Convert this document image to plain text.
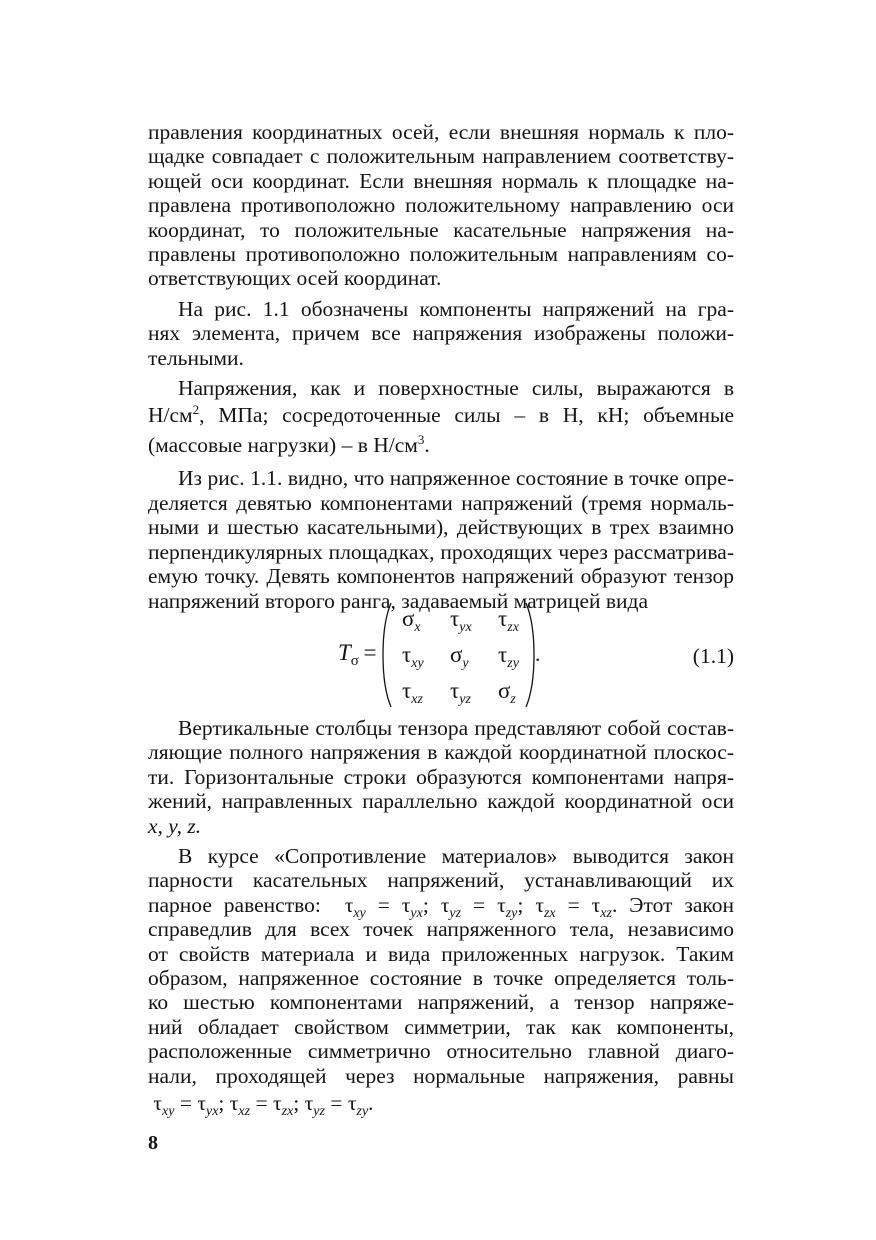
правления координатных осей, если внешняя нормаль к пло-
щадке совпадает с положительным направлением соответству-
ющей оси координат. Если внешняя нормаль к площадке на-
правлена противоположно положительному направлению оси
координат, то положительные касательные напряжения на-
правлены противоположно положительным направлениям со-
ответствующих осей координат.
На рис. 1.1 обозначены компоненты напряжений на гра-
нях элемента, причем все напряжения изображены положи-
тельными.
Напряжения, как и поверхностные силы, выражаются в
$Н/см^2$, МПа; сосредоточенные силы – в Н, кН; объемные
(массовые нагрузки) – в $Н/см^3$.
Из рис. 1.1. видно, что напряженное состояние в точке опре-
деляется девятью компонентами напряжений (тремя нормаль-
ными и шестью касательными), действующих в трех взаимно
перпендикулярных площадках, проходящих через рассматрива-
емую точку. Девять компонентов напряжений образуют тензор
напряжений второго ранга, задаваемый матрицей вида
$T_\sigma$  =
$\sigma_x$ $\tau_{yx}$ $\tau_{zx}$
$\tau_{xy}$ $\sigma_y$ $\tau_{zy}$
$\tau_{xz}$ $\tau_{yz}$ $\sigma_z$
.	(1.1)
Вертикальные столбцы тензора представляют собой состав-
ляющие полного напряжения в каждой координатной плоскос-
ти. Горизонтальные строки образуются компонентами напря-
жений, направленных параллельно каждой координатной оси
x, y, z.
В курсе «Сопротивление материалов» выводится закон
парности касательных напряжений, устанавливающий их
парное равенство: $\tau_{xy} = \tau_{yx}$; $\tau_{yz} = \tau_{zy}$; $\tau_{zx} = \tau_{xz}$. Этот закон
справедлив для всех точек напряженного тела, независимо
от свойств материала и вида приложенных нагрузок. Таким
образом, напряженное состояние в точке определяется толь-
ко шестью компонентами напряжений, а тензор напряже-
ний обладает свойством симметрии, так как компоненты,
расположенные симметрично относительно главной диаго-
нали, проходящей через нормальные напряжения, равны
$\tau_{xy} = \tau_{yx}$; $\tau_{xz} = \tau_{zx}$; $\tau_{yz} = \tau_{zy}$.
8
